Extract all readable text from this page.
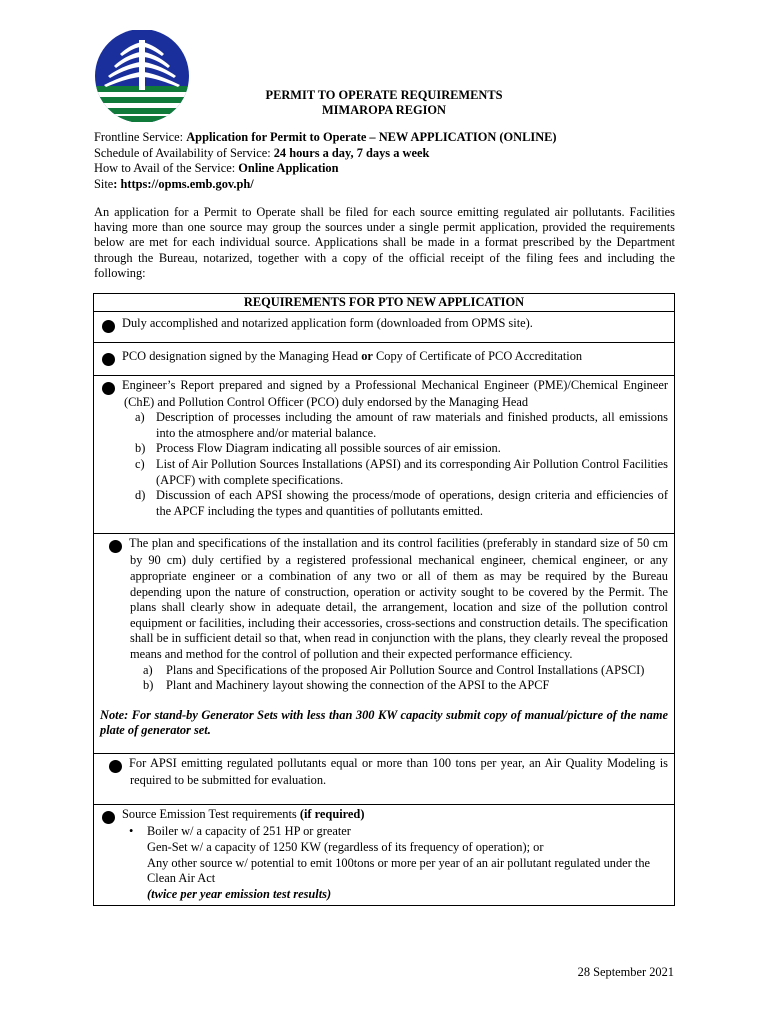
PERMIT TO OPERATE REQUIREMENTS
MIMAROPA REGION
Frontline Service: Application for Permit to Operate – NEW APPLICATION (ONLINE)
Schedule of Availability of Service: 24 hours a day, 7 days a week
How to Avail of the Service: Online Application
Site: https://opms.emb.gov.ph/
An application for a Permit to Operate shall be filed for each source emitting regulated air pollutants. Facilities having more than one source may group the sources under a single permit application, provided the requirements below are met for each individual source. Applications shall be made in a format prescribed by the Department through the Bureau, notarized, together with a copy of the official receipt of the filing fees and including the following:
REQUIREMENTS FOR PTO NEW APPLICATION

1 Duly accomplished and notarized application form (downloaded from OPMS site).

2 PCO designation signed by the Managing Head or Copy of Certificate of PCO Accreditation

3 Engineer’s Report prepared and signed by a Professional Mechanical Engineer (PME)/Chemical Engineer (ChE) and Pollution Control Officer (PCO) duly endorsed by the Managing Head
a) Description of processes including the amount of raw materials and finished products, all emissions into the atmosphere and/or material balance.
b) Process Flow Diagram indicating all possible sources of air emission.
c) List of Air Pollution Sources Installations (APSI) and its corresponding Air Pollution Control Facilities (APCF) with complete specifications.
d) Discussion of each APSI showing the process/mode of operations, design criteria and efficiencies of the APCF including the types and quantities of pollutants emitted.

4 The plan and specifications of the installation and its control facilities (preferably in standard size of 50 cm by 90 cm) duly certified by a registered professional mechanical engineer, chemical engineer, or any appropriate engineer or a combination of any two or all of them as may be required by the Bureau depending upon the nature of construction, operation or activity sought to be covered by the Permit. The plans shall clearly show in adequate detail, the arrangement, location and size of the pollution control equipment or facilities, including their accessories, cross-sections and construction details. The specification shall be in sufficient detail so that, when read in conjunction with the plans, they clearly reveal the proposed means and method for the control of pollution and their expected performance efficiency.
a) Plans and Specifications of the proposed Air Pollution Source and Control Installations (APSCI)
b) Plant and Machinery layout showing the connection of the APSI to the APCF
Note: For stand-by Generator Sets with less than 300 KW capacity submit copy of manual/picture of the name plate of generator set.

5 For APSI emitting regulated pollutants equal or more than 100 tons per year, an Air Quality Modeling is required to be submitted for evaluation.

6 Source Emission Test requirements (if required)
• Boiler w/ a capacity of 251 HP or greater
Gen-Set w/ a capacity of 1250 KW (regardless of its frequency of operation); or
Any other source w/ potential to emit 100tons or more per year of an air pollutant regulated under the Clean Air Act
(twice per year emission test results)
28 September 2021
